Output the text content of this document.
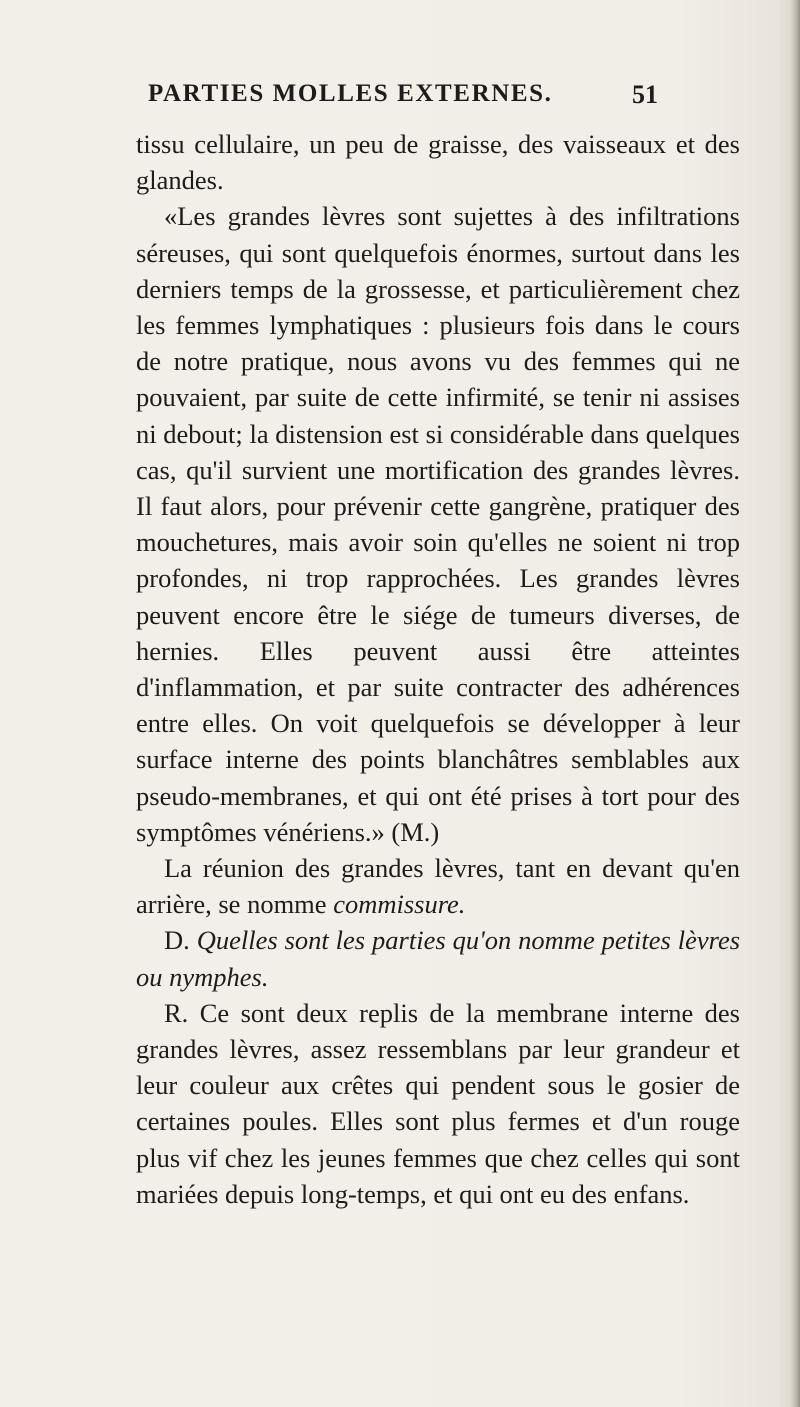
PARTIES MOLLES EXTERNES.	51

tissu cellulaire, un peu de graisse, des vaisseaux et des glandes.

«Les grandes lèvres sont sujettes à des infiltrations séreuses, qui sont quelquefois énormes, surtout dans les derniers temps de la grossesse, et particulièrement chez les femmes lymphatiques : plusieurs fois dans le cours de notre pratique, nous avons vu des femmes qui ne pouvaient, par suite de cette infirmité, se tenir ni assises ni debout; la distension est si considérable dans quelques cas, qu'il survient une mortification des grandes lèvres. Il faut alors, pour prévenir cette gangrène, pratiquer des mouchetures, mais avoir soin qu'elles ne soient ni trop profondes, ni trop rapprochées. Les grandes lèvres peuvent encore être le siége de tumeurs diverses, de hernies. Elles peuvent aussi être atteintes d'inflammation, et par suite contracter des adhérences entre elles. On voit quelquefois se développer à leur surface interne des points blanchâtres semblables aux pseudo-membranes, et qui ont été prises à tort pour des symptômes vénériens.» (M.)

La réunion des grandes lèvres, tant en devant qu'en arrière, se nomme commissure.

D. Quelles sont les parties qu'on nomme petites lèvres ou nymphes.

R. Ce sont deux replis de la membrane interne des grandes lèvres, assez ressemblans par leur grandeur et leur couleur aux crêtes qui pendent sous le gosier de certaines poules. Elles sont plus fermes et d'un rouge plus vif chez les jeunes femmes que chez celles qui sont mariées depuis long-temps, et qui ont eu des enfans.
